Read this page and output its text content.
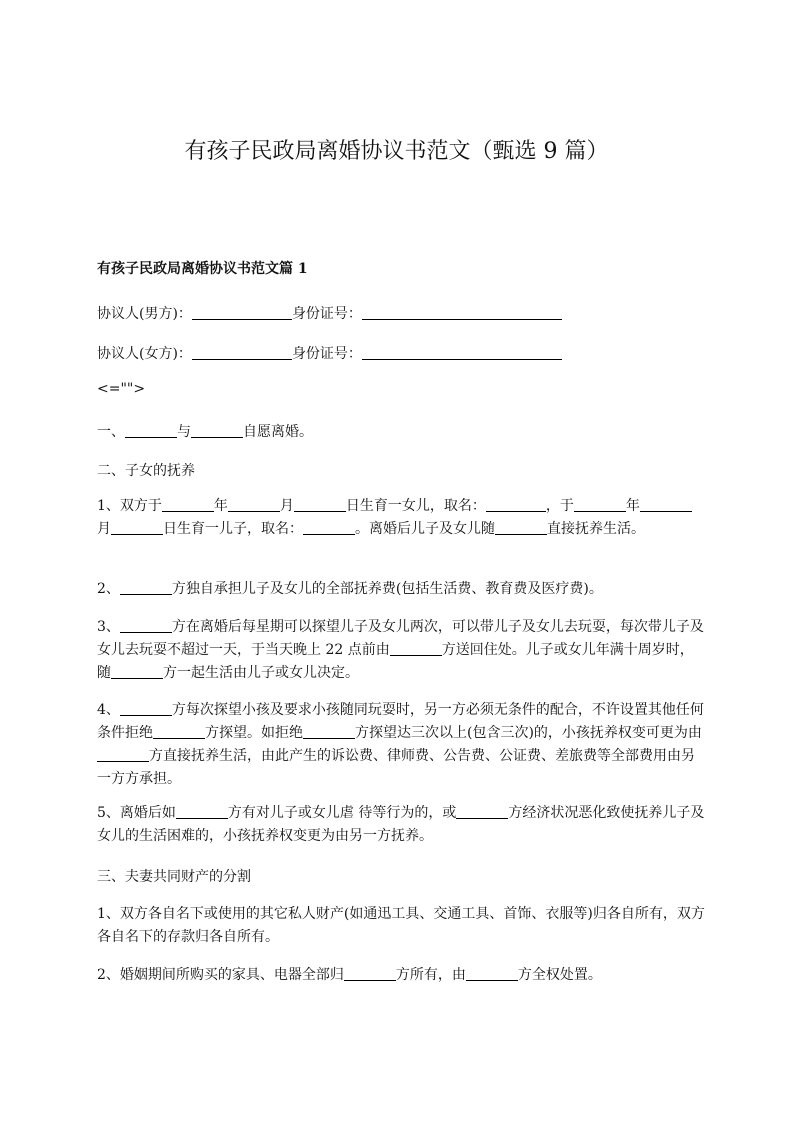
有孩子民政局离婚协议书范文（甄选 9 篇）
有孩子民政局离婚协议书范文篇 1
协议人(男方)：	身份证号：
协议人(女方)：	身份证号：
<="">
一、	与	自愿离婚。
二、子女的抚养
1、双方于	年	月	日生育一女儿，取名：	，于	年月	日生育一儿子，取名：	。离婚后儿子及女儿随	直接抚养生活。
2、	方独自承担儿子及女儿的全部抚养费(包括生活费、教育费及医疗费)。
3、	方在离婚后每星期可以探望儿子及女儿两次，可以带儿子及女儿去玩耍，每次带儿子及女儿去玩耍不超过一天，于当天晚上 22 点前由	方送回住处。儿子或女儿年满十周岁时，随	方一起生活由儿子或女儿决定。
4、	方每次探望小孩及要求小孩随同玩耍时，另一方必须无条件的配合，不许设置其他任何条件拒绝	方探望。如拒绝	方探望达三次以上(包含三次)的，小孩抚养权变可更为由方直接抚养生活，由此产生的诉讼费、律师费、公告费、公证费、差旅费等全部费用由另一方方承担。
5、离婚后如	方有对儿子或女儿虐 待等行为的，或	方经济状况恶化致使抚养儿子及女儿的生活困难的，小孩抚养权变更为由另一方抚养。
三、夫妻共同财产的分割
1、双方各自名下或使用的其它私人财产(如通迅工具、交通工具、首饰、衣服等)归各自所有，双方各自名下的存款归各自所有。
2、婚姻期间所购买的家具、电器全部归	方所有，由	方全权处置。
